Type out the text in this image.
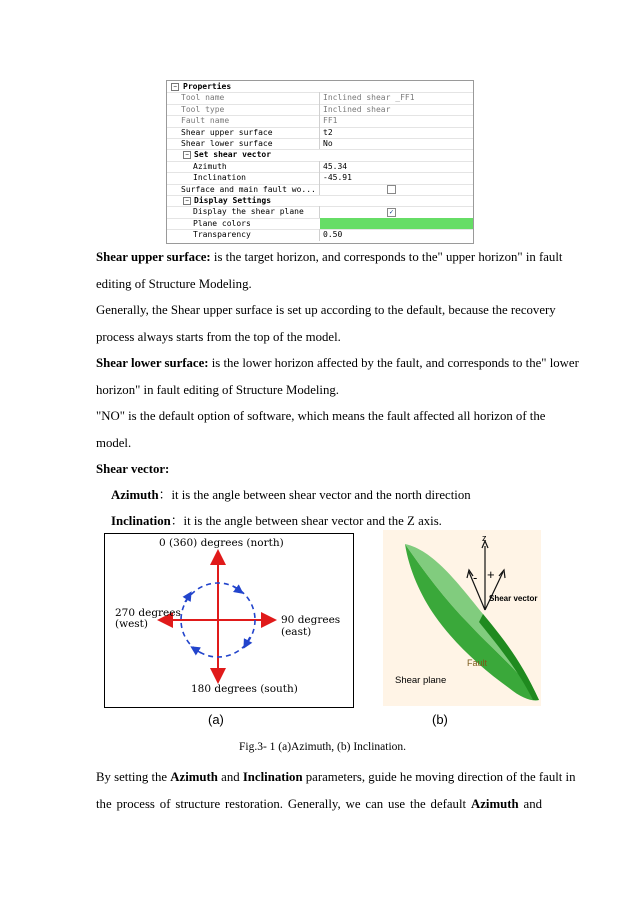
− Properties
Tool name	Inclined shear _FF1
Tool type	Inclined shear
Fault name	FF1
Shear upper surface	t2
Shear lower surface	No
− Set shear vector
Azimuth	45.34
Inclination	-45.91
Surface and main fault wo...
− Display Settings
Display the shear plane	✓
Plane colors
Transparency	0.50
Shear upper surface: is the target horizon, and corresponds to the" upper horizon" in fault
editing of Structure Modeling.
Generally, the Shear upper surface is set up according to the default, because the recovery
process always starts from the top of the model.
Shear lower surface: is the lower horizon affected by the fault, and corresponds to the" lower
horizon" in fault editing of Structure Modeling.
"NO" is the default option of software, which means the fault affected all horizon of the
model.
Shear vector:
Azimuth：it is the angle between shear vector and the north direction
Inclination：it is the angle between shear vector and the Z axis.
0 (360) degrees (north)
90 degrees (east)
180 degrees (south)
270 degrees
(west)
(a)
z
- +
Shear vector
Fault
Shear plane
(b)
Fig.3- 1 (a)Azimuth, (b) Inclination.
By setting the Azimuth and Inclination parameters, guide he moving direction of the fault in
the process of structure restoration. Generally, we can use the default Azimuth and
